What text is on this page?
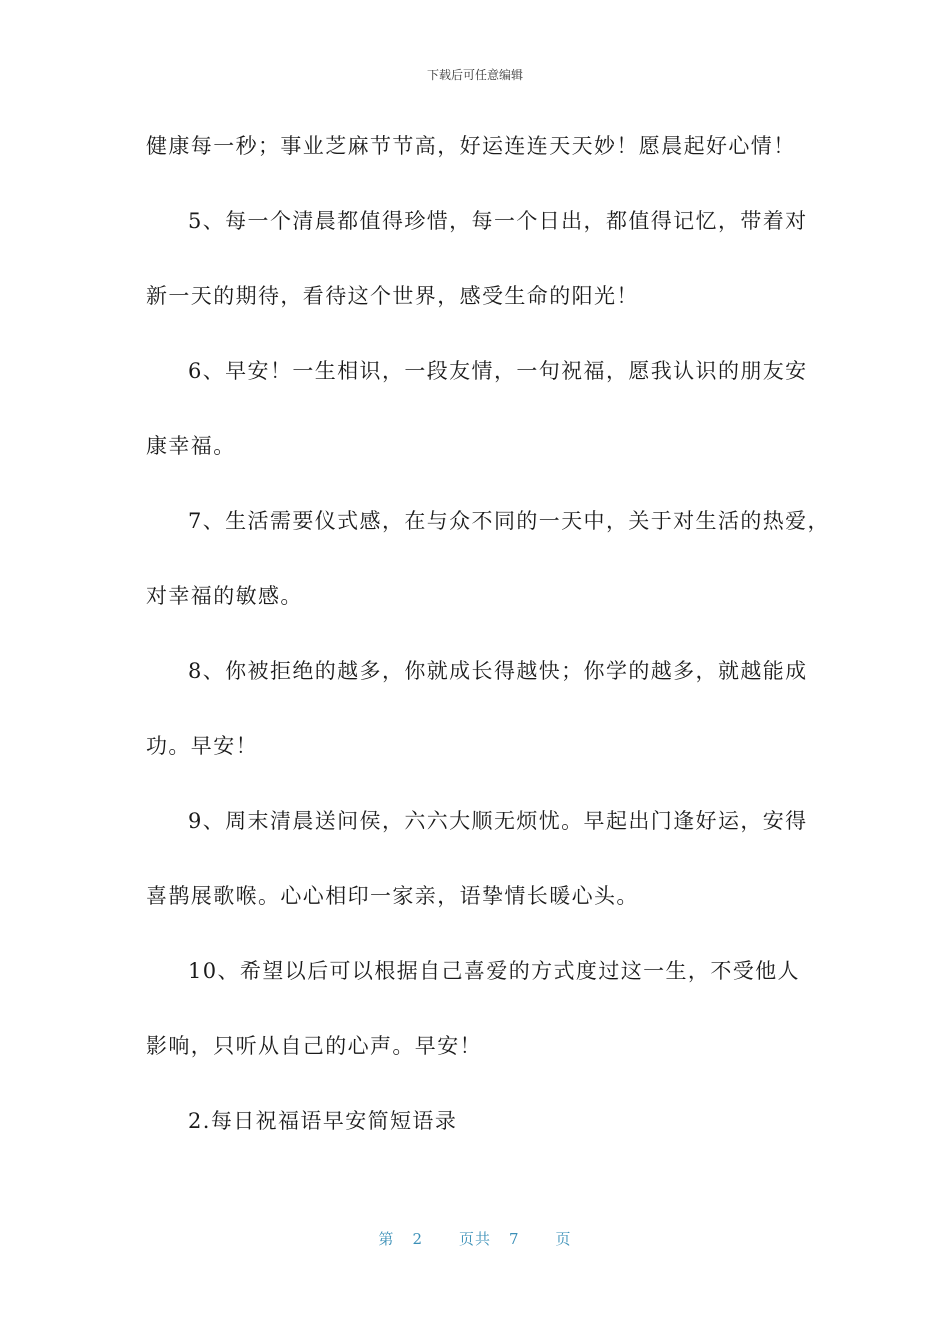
下载后可任意编辑
健康每一秒；事业芝麻节节高，好运连连天天妙！愿晨起好心情！
5、每一个清晨都值得珍惜，每一个日出，都值得记忆，带着对
新一天的期待，看待这个世界，感受生命的阳光！
6、早安！一生相识，一段友情，一句祝福，愿我认识的朋友安
康幸福。
7、生活需要仪式感，在与众不同的一天中，关于对生活的热爱，
对幸福的敏感。
8、你被拒绝的越多，你就成长得越快；你学的越多，就越能成
功。早安！
9、周末清晨送问侯，六六大顺无烦忧。早起出门逢好运，安得
喜鹊展歌喉。心心相印一家亲，语挚情长暖心头。
10、希望以后可以根据自己喜爱的方式度过这一生，不受他人
影响，只听从自己的心声。早安！
2.每日祝福语早安简短语录
第 2 页共 7 页
